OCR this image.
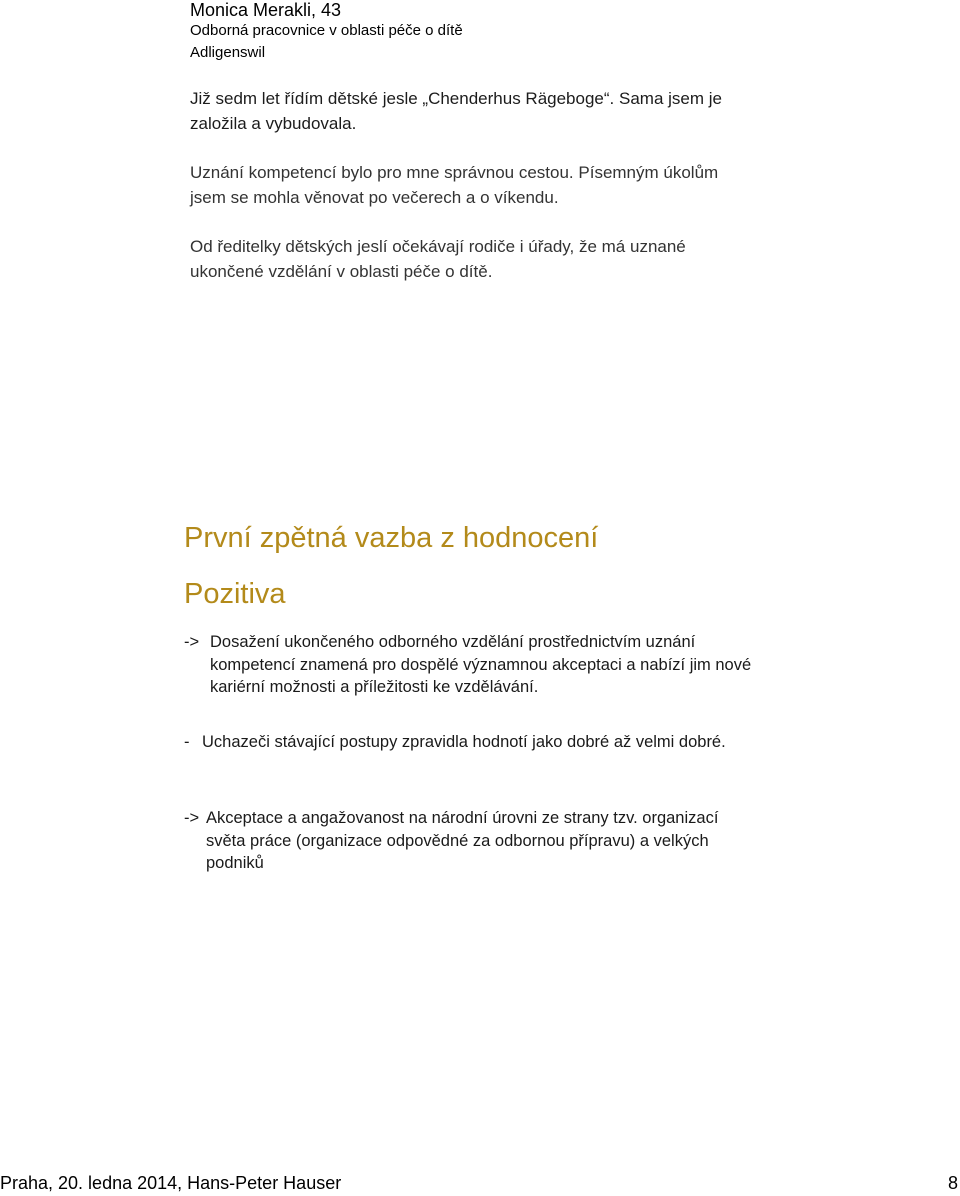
Monica Merakli, 43
Odborná pracovnice v oblasti péče o dítě
Adligenswil
Již sedm let řídím dětské jesle „Chenderhus Rägeboge“. Sama jsem je založila a vybudovala.
Uznání kompetencí bylo pro mne správnou cestou. Písemným úkolům jsem se mohla věnovat po večerech a o víkendu.
Od ředitelky dětských jeslí očekávají rodiče i úřady, že má uznané ukončené vzdělání v oblasti péče o dítě.
První zpětná vazba z hodnocení
Pozitiva
-> Dosažení ukončeného odborného vzdělání prostřednictvím uznání kompetencí znamená pro dospělé významnou akceptaci a nabízí jim nové kariérní možnosti a příležitosti ke vzdělávání.
- Uchazeči stávající postupy zpravidla hodnotí jako dobré až velmi dobré.
-> Akceptace a angažovanost na národní úrovni ze strany tzv. organizací světa práce (organizace odpovědné za odbornou přípravu) a velkých podniků
Praha, 20. ledna 2014, Hans-Peter Hauser	8
